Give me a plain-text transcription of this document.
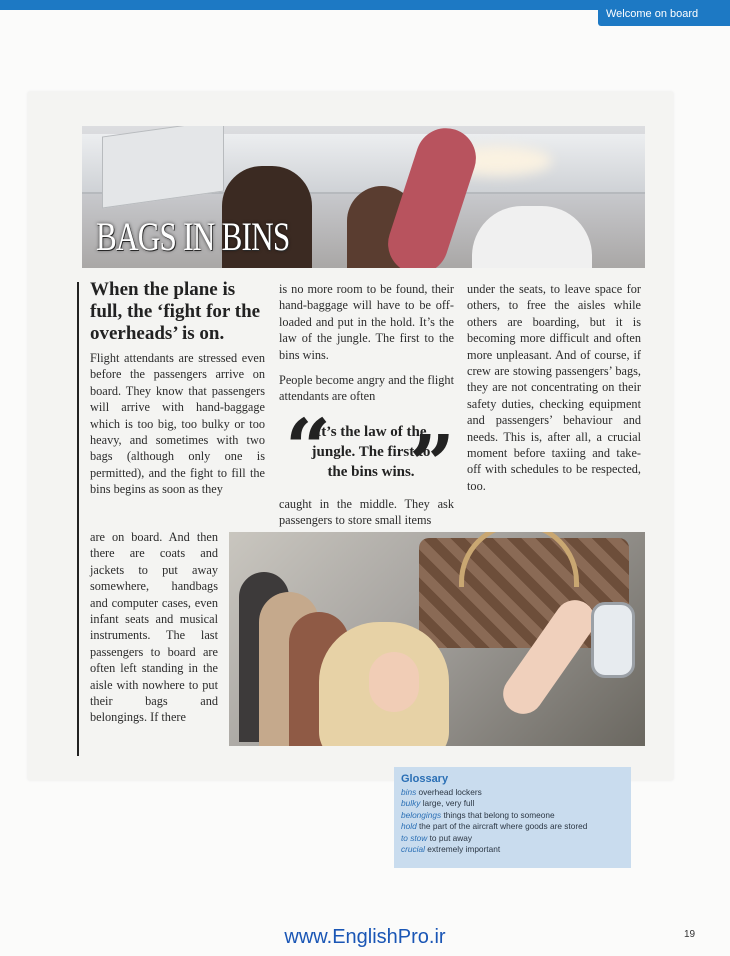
Welcome on board
BAGS IN BINS
When the plane is full, the ‘fight for the overheads’ is on.

Flight attendants are stressed even before the passengers arrive on board. They know that passengers will arrive with hand-baggage which is too big, too bulky or too heavy, and sometimes with two bags (although only one is permitted), and the fight to fill the bins begins as soon as they

are on board. And then there are coats and jackets to put away somewhere, handbags and computer cases, even infant seats and musical instruments. The last passengers to board are often left standing in the aisle with nowhere to put their bags and belongings. If there

is no more room to be found, their hand-baggage will have to be off-loaded and put in the hold. It’s the law of the jungle. The first to the bins wins.

People become angry and the flight attendants are often

“
It’s the law of the jungle. The first to the bins wins.
”

caught in the middle. They ask passengers to store small items

under the seats, to leave space for others, to free the aisles while others are boarding, but it is becoming more difficult and often more unpleasant. And of course, if crew are stowing passengers’ bags, they are not concentrating on their safety duties, checking equipment and passengers’ behaviour and needs. This is, after all, a crucial moment before taxiing and take-off with schedules to be respected, too.

Glossary
bins overhead lockers
bulky large, very full
belongings things that belong to someone
hold the part of the aircraft where goods are stored
to stow to put away
crucial extremely important
www.EnglishPro.ir	19
